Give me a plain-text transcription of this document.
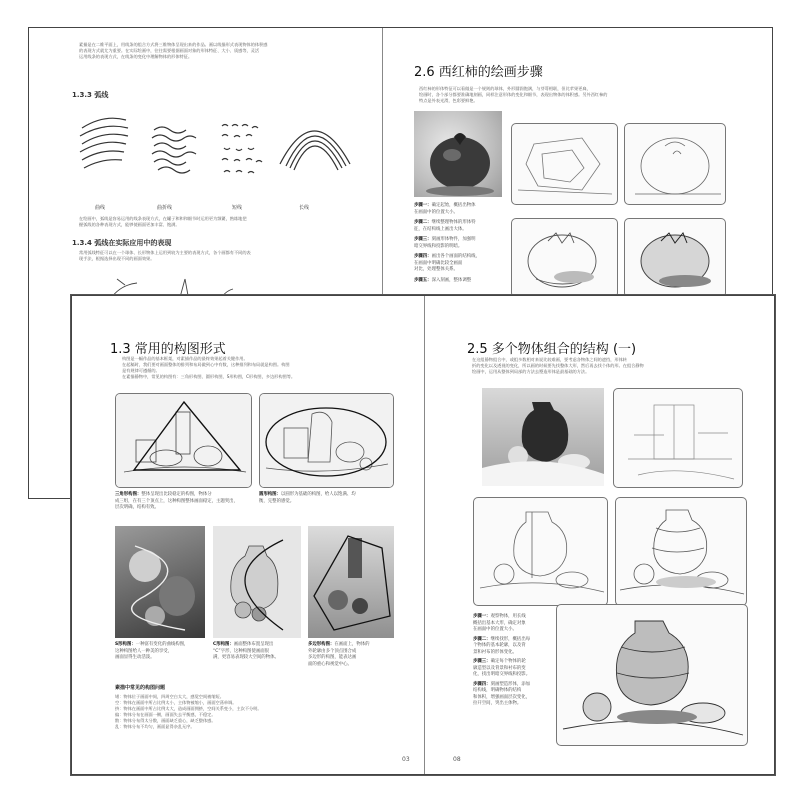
素描是在二维平面上，用线条的组合方式将三维物体呈现出来的作品。画以线描形式表现物体的体积感
的表现方式就尤为重要。在实际绘画中，往往需要根据画面对象的形体特征、大小、质感等，灵活
运用线条的表现方式，在线条的变化中理解物体的形体特征。
1.3.3 弧线
曲线	曲折线	短线	长线
在绘画中，弧线是容易运用的线条表现方式，在罐子和和和细节时运用更为频繁，熟练地把
握弧线的各种表现方式，能够使画面更加丰富、饱满。
1.3.4 弧线在实际应用中的表现
常用弧线特征可以在一个球体、长形物体上运用到较为主要的表现方式，各个画都有不同的表
现手法，根据选择出现不同的画面效果。
2.6 西红柿的绘画步骤
西红柿的形体特征可以看做是一个规则的球体，外形圆润饱满，与芽萼相联，但比苹果更扁，
绘画时，各个部分都要准确地刻画，同样注意形体的变化和细节，表现出物体的体积感。另外西红柿的
特点是外表光滑，色彩要鲜艳。
步骤一：确定起始，概括出物体
在画面中的位置大小。
步骤二：继续整理物体的形体特
征，在结构线上画出大体。
步骤三：刻画形体物件，加强明
暗交界线和投影的明暗。
步骤四：画出各个画面的结构线，
在画面中明确比较全画面
对比，处理整体关系。
步骤五：深入刻画，整体调整
1.3 常用的构图形式
构图是一幅作品的基本框架，对素描作品的最终效果起着关键作用。
在起稿时，我们要对画面整体的排列和布局做到心中有数，这种排列和布局就是构图。构图
是有规律可遵循的。
在素描静物中，常见的构图有：三角形构图、圆形构图，S形构图，C形构图，多边形构图等。
三角形构图：整体呈现出比较稳定的构图，物体分
成三组，在有三个顶点上，这种构图整体画面稳定，主题突出，
层次明确，结构有致。
圆形构图：以圆形为基础的构图，给人以饱满、均
衡，完整的感觉。
S形构图：一种富有变化的曲线构图，
这种构图给人一种美的享受，
画面显得生动活泼。
C形构图：画面整体布置呈现出
“C”字形，这种构图使画面很
满，更容易表现较大空间的物体。
多边形构图：在画面上，物体的
外轮廓由多个顶点围合成
多边形的构图，能表达画
面的重心和视觉中心。
素描中常见的构图问题
堵：物体位于画面中间，四周空白太大，感觉空间被缩短。
空：物体在画面中所占比例太小，主体物被缩小，画面空荡单调。
挤：物体在画面中所占比例太大，造成画面拥挤，空间关系变小，主次不分明。
偏：物体分布在画面一侧，画面失去平衡感，不稳定。
散：物体分布得太分散，画面缺乏重心，缺乏整体感。
乱：物体分布不均匀，画面显得杂乱无序。
03
2.5 多个物体组合的结构 (一)
在这组静物组合中，或组多数相对来说比较难画，要考虑各物体之间的遮挡，形体转
折的变化以及透视的变化，所以画的时候要先找整体大形，然后再去找个体的形。在组合静物
绘画中，运用从整体到局部的方法去塑造形体是最基础的方法。
步骤一：观察物体，用长线
概括出基本大形，确定对象
在画面中的位置大小。
步骤二：继续找形，概括出每
个物体的基本轮廓，以及背
景和衬布的形体变化。
步骤三：确定每个物体的轮
廓造型以及背景和衬布的变
化，找出明暗交界线和投影。
步骤四：刻画塑造形体，添加
结构线，明确物体的结构
和体积，增强画面层次变化，
拉开空间，突出主体物。
08
